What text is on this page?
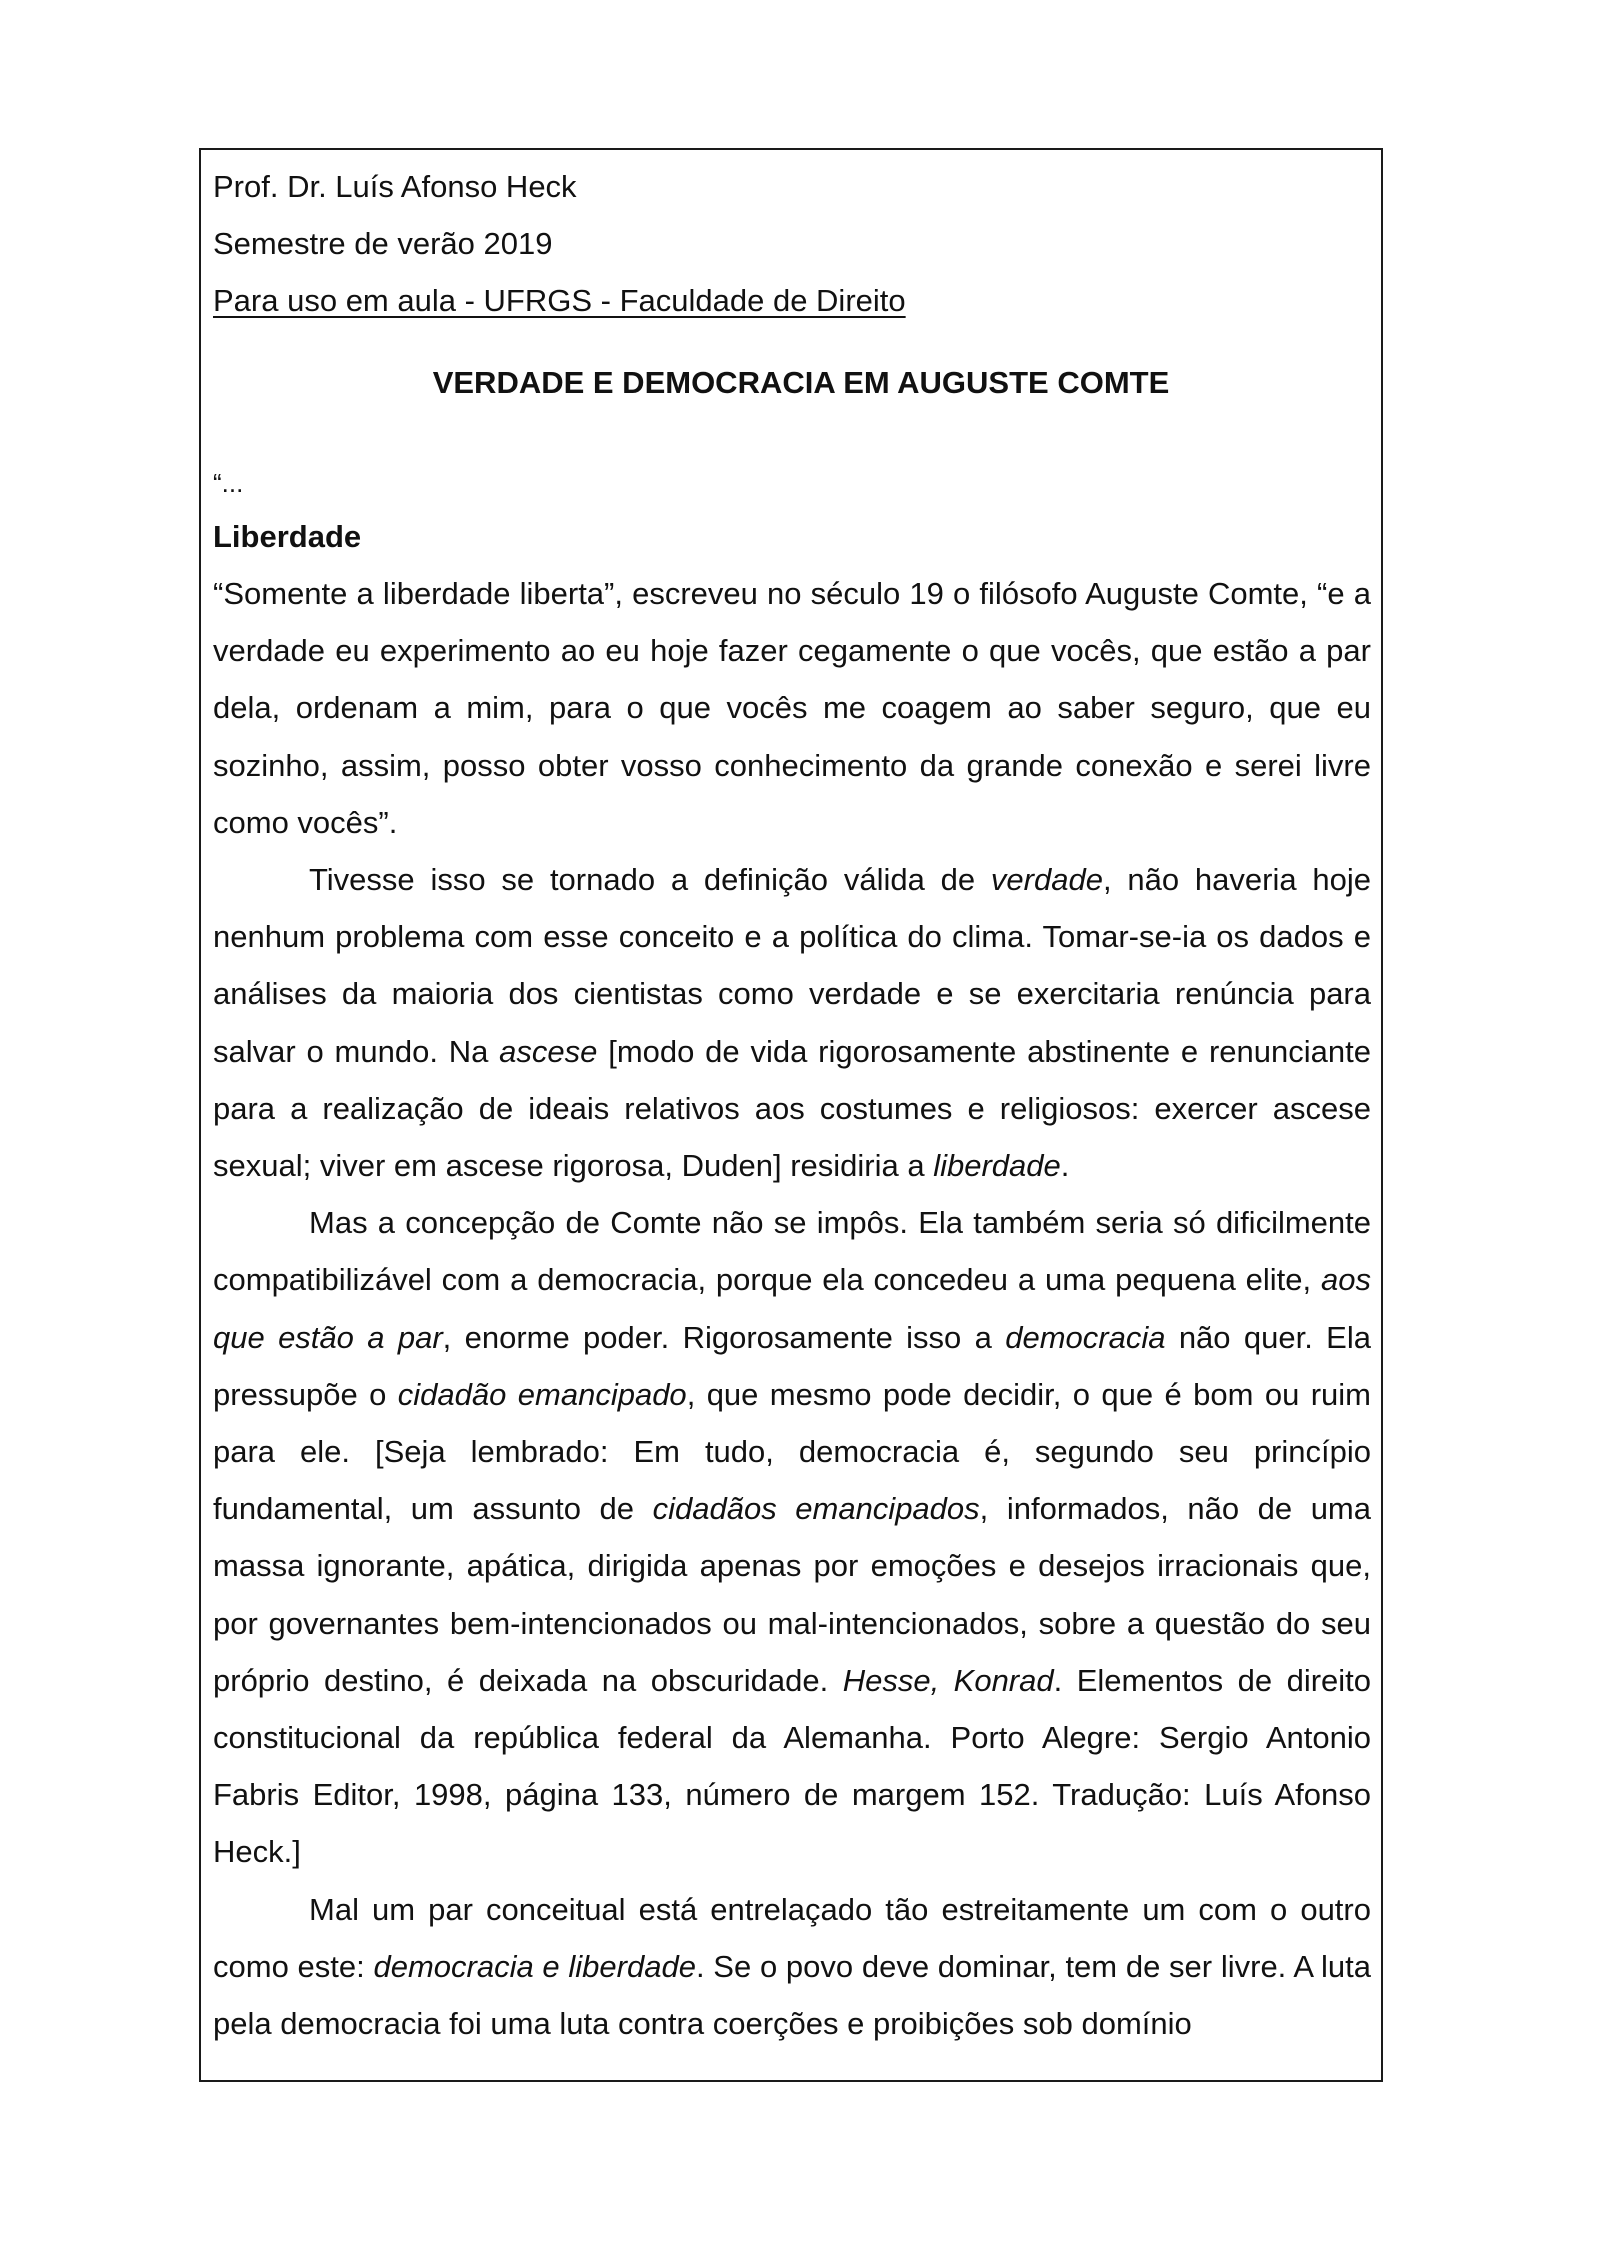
Prof. Dr. Luís Afonso Heck
Semestre de verão 2019
Para uso em aula - UFRGS - Faculdade de Direito
VERDADE E DEMOCRACIA EM AUGUSTE COMTE
“...
Liberdade

“Somente a liberdade liberta”, escreveu no século 19 o filósofo Auguste Comte, “e a verdade eu experimento ao eu hoje fazer cegamente o que vocês, que estão a par dela, ordenam a mim, para o que vocês me coagem ao saber seguro, que eu sozinho, assim, posso obter vosso conhecimento da grande conexão e serei livre como vocês”.

Tivesse isso se tornado a definição válida de verdade, não haveria hoje nenhum problema com esse conceito e a política do clima. Tomar-se-ia os dados e análises da maioria dos cientistas como verdade e se exercitaria renúncia para salvar o mundo. Na ascese [modo de vida rigorosamente abstinente e renunciante para a realização de ideais relativos aos costumes e religiosos: exercer ascese sexual; viver em ascese rigorosa, Duden] residiria a liberdade.

Mas a concepção de Comte não se impôs. Ela também seria só dificilmente compatibilizável com a democracia, porque ela concedeu a uma pequena elite, aos que estão a par, enorme poder. Rigorosamente isso a democracia não quer. Ela pressupõe o cidadão emancipado, que mesmo pode decidir, o que é bom ou ruim para ele. [Seja lembrado: Em tudo, democracia é, segundo seu princípio fundamental, um assunto de cidadãos emancipados, informados, não de uma massa ignorante, apática, dirigida apenas por emoções e desejos irracionais que, por governantes bem-intencionados ou mal-intencionados, sobre a questão do seu próprio destino, é deixada na obscuridade. Hesse, Konrad. Elementos de direito constitucional da república federal da Alemanha. Porto Alegre: Sergio Antonio Fabris Editor, 1998, página 133, número de margem 152. Tradução: Luís Afonso Heck.]

Mal um par conceitual está entrelaçado tão estreitamente um com o outro como este: democracia e liberdade. Se o povo deve dominar, tem de ser livre. A luta pela democracia foi uma luta contra coerções e proibições sob domínio
